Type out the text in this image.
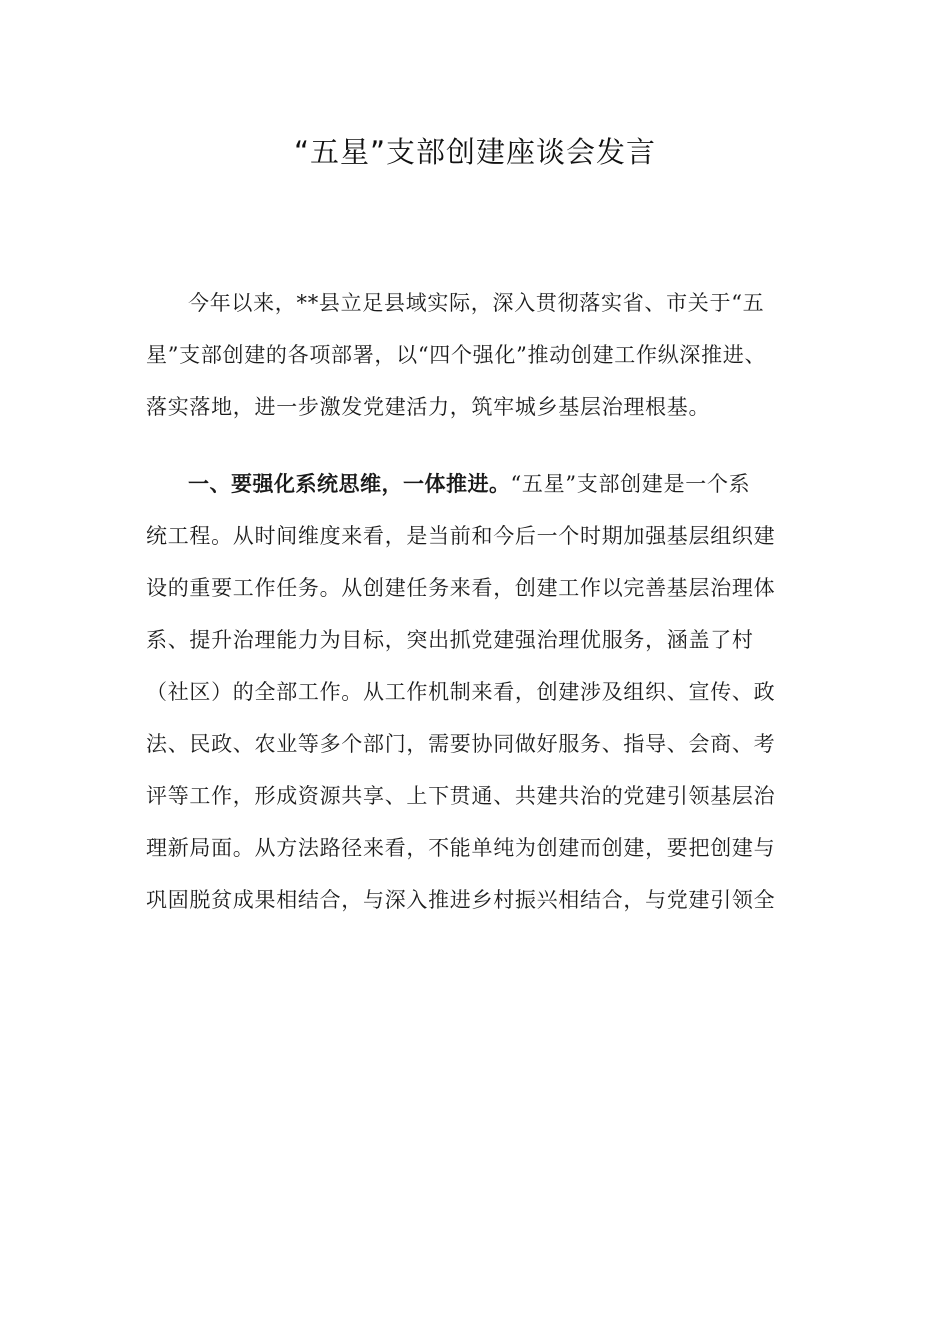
“五星”支部创建座谈会发言
今年以来，**县立足县域实际，深入贯彻落实省、市关于“五
星”支部创建的各项部署，以“四个强化”推动创建工作纵深推进、
落实落地，进一步激发党建活力，筑牢城乡基层治理根基。
一、要强化系统思维，一体推进。“五星”支部创建是一个系
统工程。从时间维度来看，是当前和今后一个时期加强基层组织建
设的重要工作任务。从创建任务来看，创建工作以完善基层治理体
系、提升治理能力为目标，突出抓党建强治理优服务，涵盖了村
（社区）的全部工作。从工作机制来看，创建涉及组织、宣传、政
法、民政、农业等多个部门，需要协同做好服务、指导、会商、考
评等工作，形成资源共享、上下贯通、共建共治的党建引领基层治
理新局面。从方法路径来看，不能单纯为创建而创建，要把创建与
巩固脱贫成果相结合，与深入推进乡村振兴相结合，与党建引领全
